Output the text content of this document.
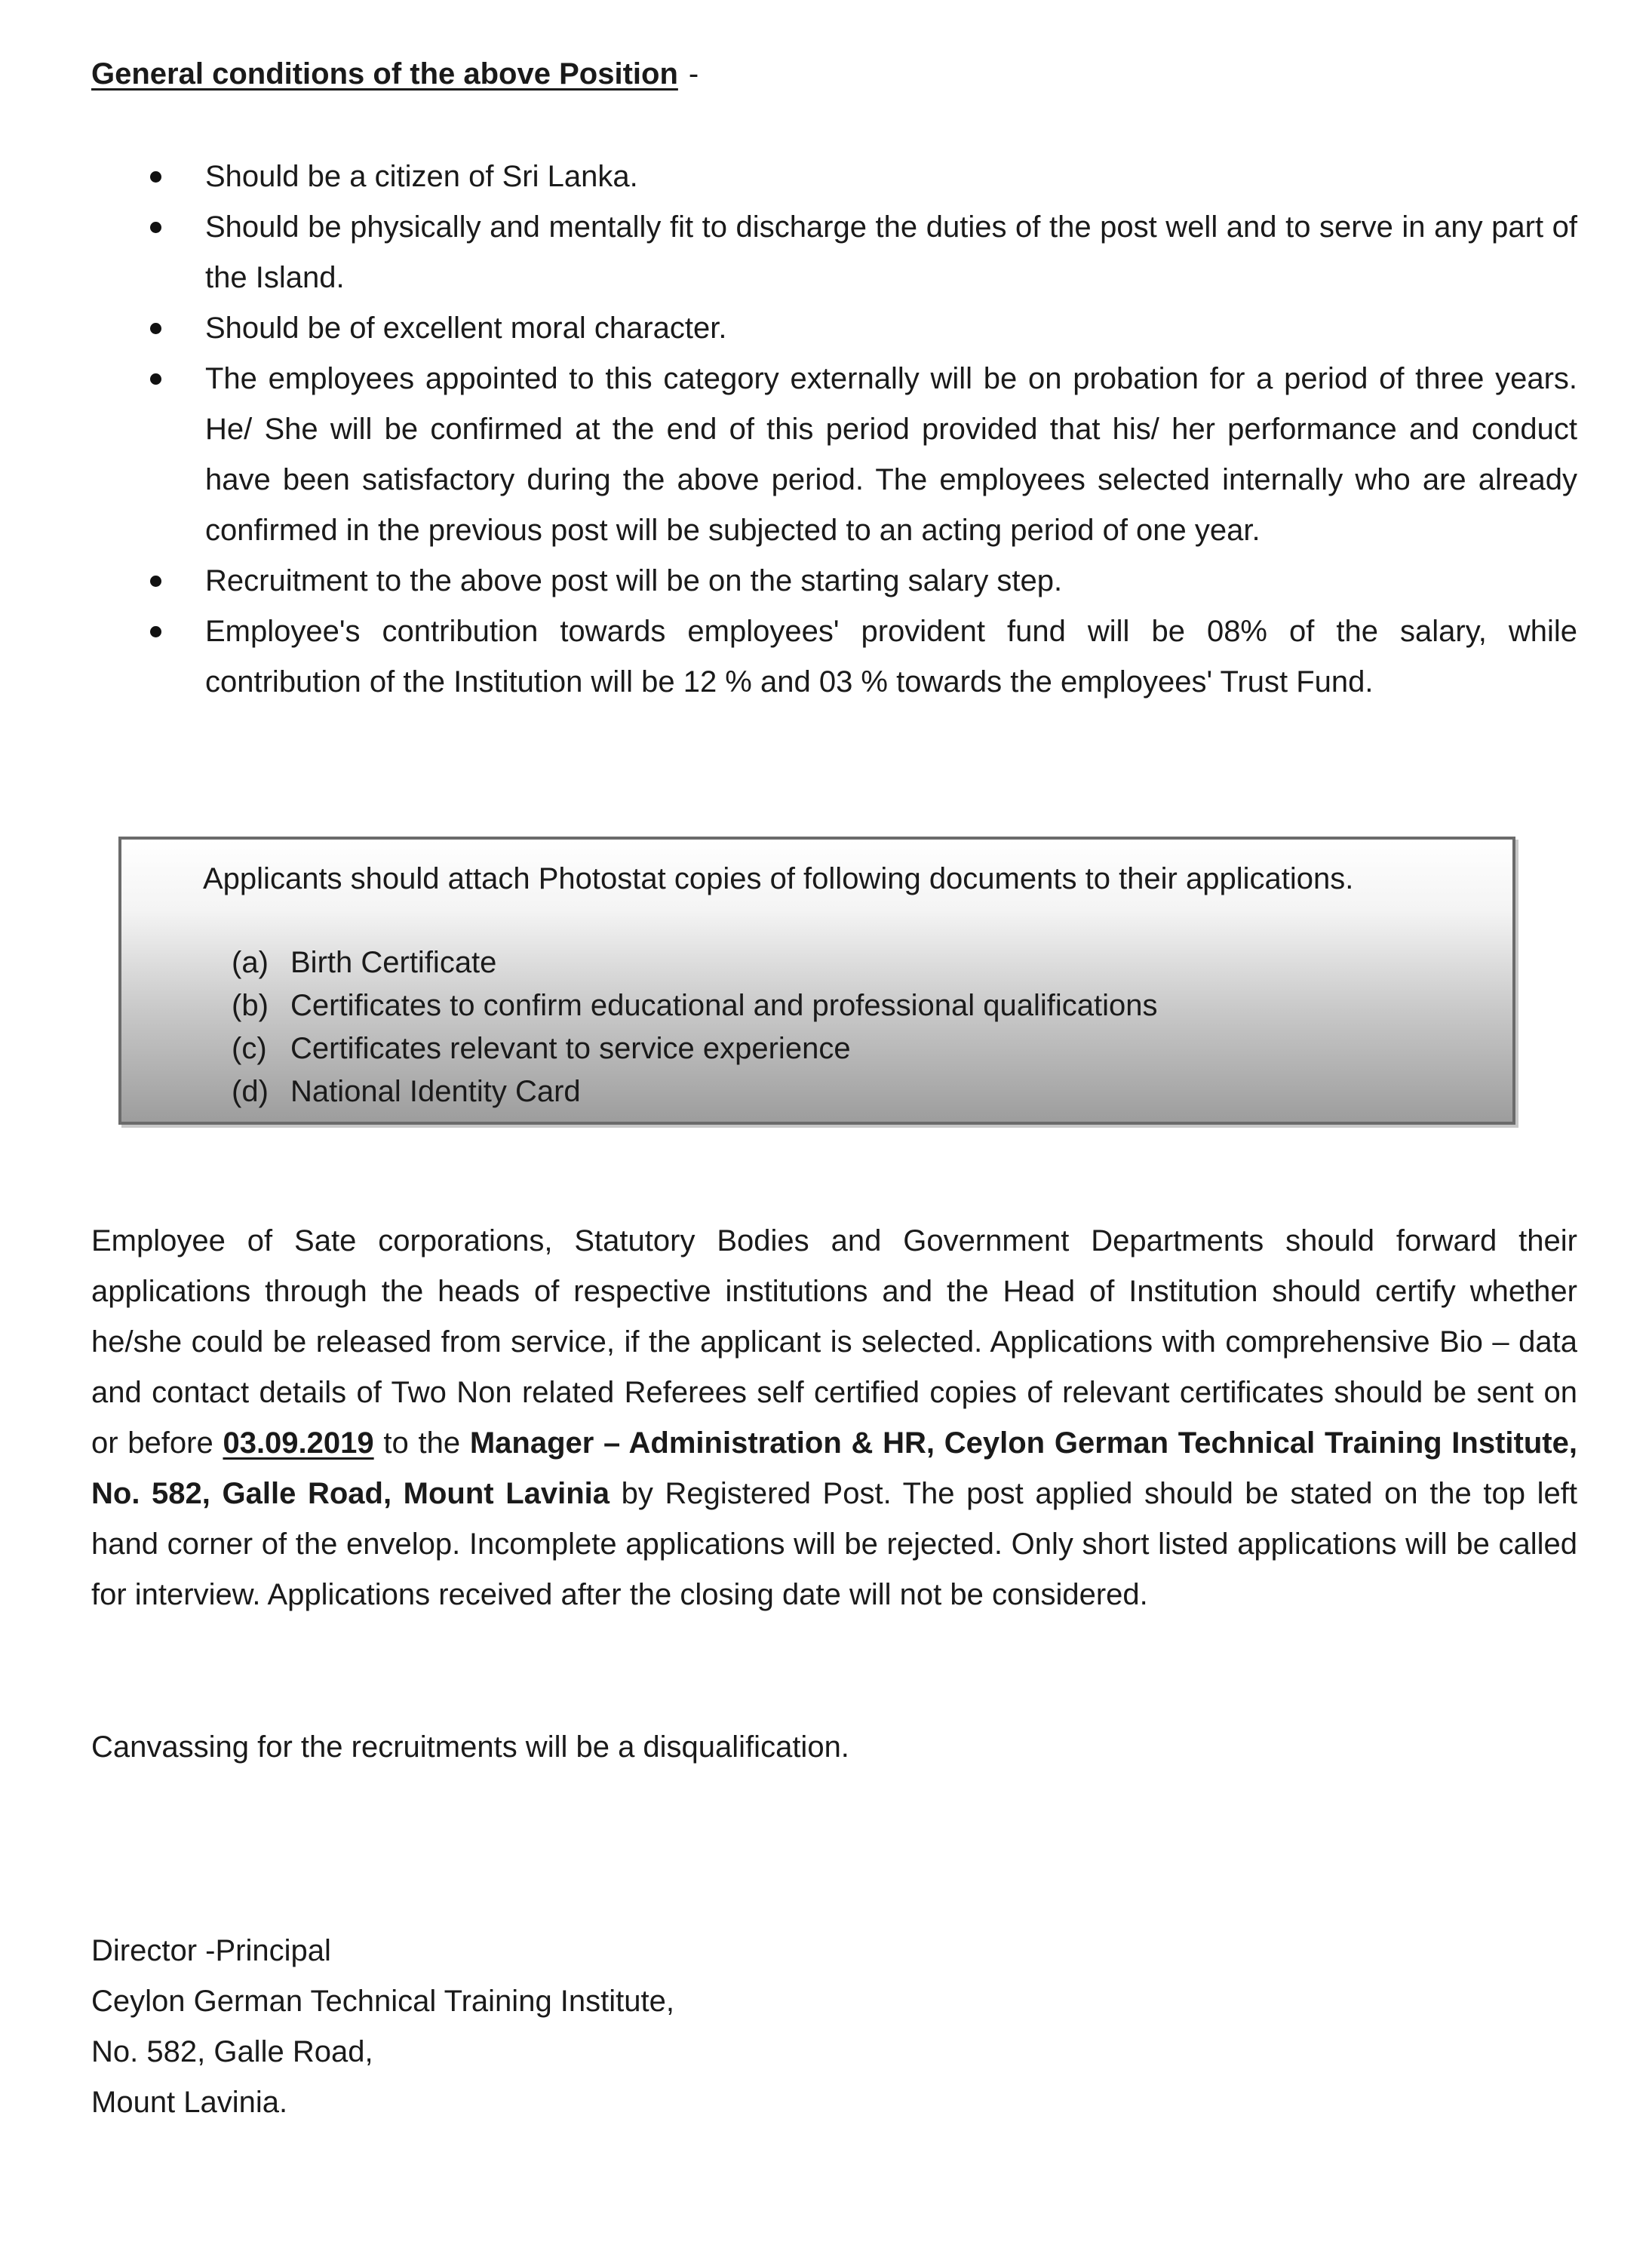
General conditions of the above Position -
Should be a citizen of Sri Lanka.
Should be physically and mentally fit to discharge the duties of the post well and to serve in any part of the Island.
Should be of excellent moral character.
The employees appointed to this category externally will be on probation for a period of three years. He/ She will be confirmed at the end of this period provided that his/ her performance and conduct have been satisfactory during the above period. The employees selected internally who are already confirmed in the previous post will be subjected to an acting period of one year.
Recruitment to the above post will be on the starting salary step.
Employee's contribution towards employees' provident fund will be 08% of the salary, while contribution of the Institution will be 12 % and 03 % towards the employees' Trust Fund.
Applicants should attach Photostat copies of following documents to their applications.
(a) Birth Certificate
(b) Certificates to confirm educational and professional qualifications
(c) Certificates relevant to service experience
(d) National Identity Card

Employee of Sate corporations, Statutory Bodies and Government Departments should forward their applications through the heads of respective institutions and the Head of Institution should certify whether he/she could be released from service, if the applicant is selected. Applications with comprehensive Bio – data and contact details of Two Non related Referees self certified copies of relevant certificates should be sent on or before 03.09.2019 to the Manager – Administration & HR, Ceylon German Technical Training Institute, No. 582, Galle Road, Mount Lavinia by Registered Post. The post applied should be stated on the top left hand corner of the envelop. Incomplete applications will be rejected. Only short listed applications will be called for interview. Applications received after the closing date will not be considered.

Canvassing for the recruitments will be a disqualification.

Director -Principal
Ceylon German Technical Training Institute,
No. 582, Galle Road,
Mount Lavinia.
